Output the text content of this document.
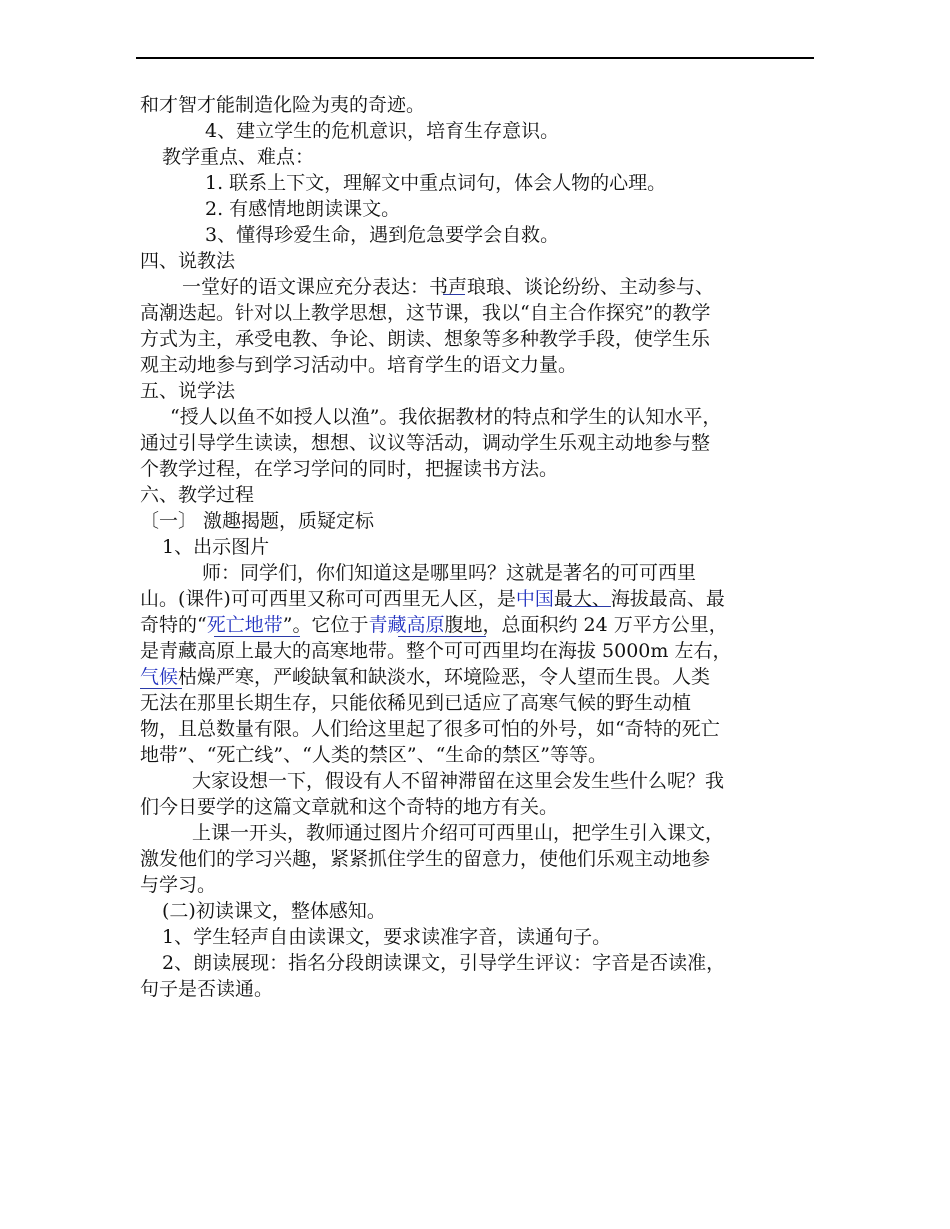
和才智才能制造化险为夷的奇迹。
4、建立学生的危机意识，培育生存意识。
教学重点、难点：
1. 联系上下文，理解文中重点词句，体会人物的心理。
2. 有感情地朗读课文。
3、懂得珍爱生命，遇到危急要学会自救。
四、说教法
一堂好的语文课应充分表达：书声琅琅、谈论纷纷、主动参与、
高潮迭起。针对以上教学思想，这节课，我以“自主合作探究”的教学
方式为主，承受电教、争论、朗读、想象等多种教学手段，使学生乐
观主动地参与到学习活动中。培育学生的语文力量。
五、说学法
“授人以鱼不如授人以渔”。我依据教材的特点和学生的认知水平，
通过引导学生读读，想想、议议等活动，调动学生乐观主动地参与整
个教学过程，在学习学问的同时，把握读书方法。
六、教学过程
〔一〕 激趣揭题，质疑定标
1、出示图片
师：同学们，你们知道这是哪里吗？这就是著名的可可西里
山。(课件)可可西里又称可可西里无人区，是中国最大、海拔最高、最
奇特的“死亡地带”。它位于青藏高原腹地，总面积约 24 万平方公里，
是青藏高原上最大的高寒地带。整个可可西里均在海拔 5000m 左右，
气候枯燥严寒，严峻缺氧和缺淡水，环境险恶，令人望而生畏。人类
无法在那里长期生存，只能依稀见到已适应了高寒气候的野生动植
物，且总数量有限。人们给这里起了很多可怕的外号，如“奇特的死亡
地带”、“死亡线”、“人类的禁区”、“生命的禁区”等等。
大家设想一下，假设有人不留神滞留在这里会发生些什么呢？我
们今日要学的这篇文章就和这个奇特的地方有关。
上课一开头，教师通过图片介绍可可西里山，把学生引入课文，
激发他们的学习兴趣，紧紧抓住学生的留意力，使他们乐观主动地参
与学习。
(二)初读课文，整体感知。
1、学生轻声自由读课文，要求读准字音，读通句子。
2、朗读展现：指名分段朗读课文，引导学生评议：字音是否读准，
句子是否读通。
